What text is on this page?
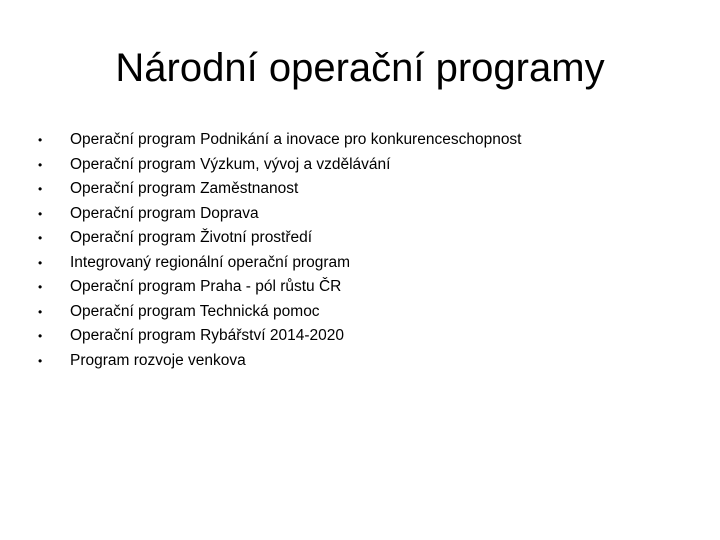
Národní operační programy
•	Operační program Podnikání a inovace pro konkurenceschopnost
•	Operační program Výzkum, vývoj a vzdělávání
•	Operační program Zaměstnanost
•	Operační program Doprava
•	Operační program Životní prostředí
•	Integrovaný regionální operační program
•	Operační program Praha - pól růstu ČR
•	Operační program Technická pomoc
•	Operační program Rybářství 2014-2020
•	Program rozvoje venkova
